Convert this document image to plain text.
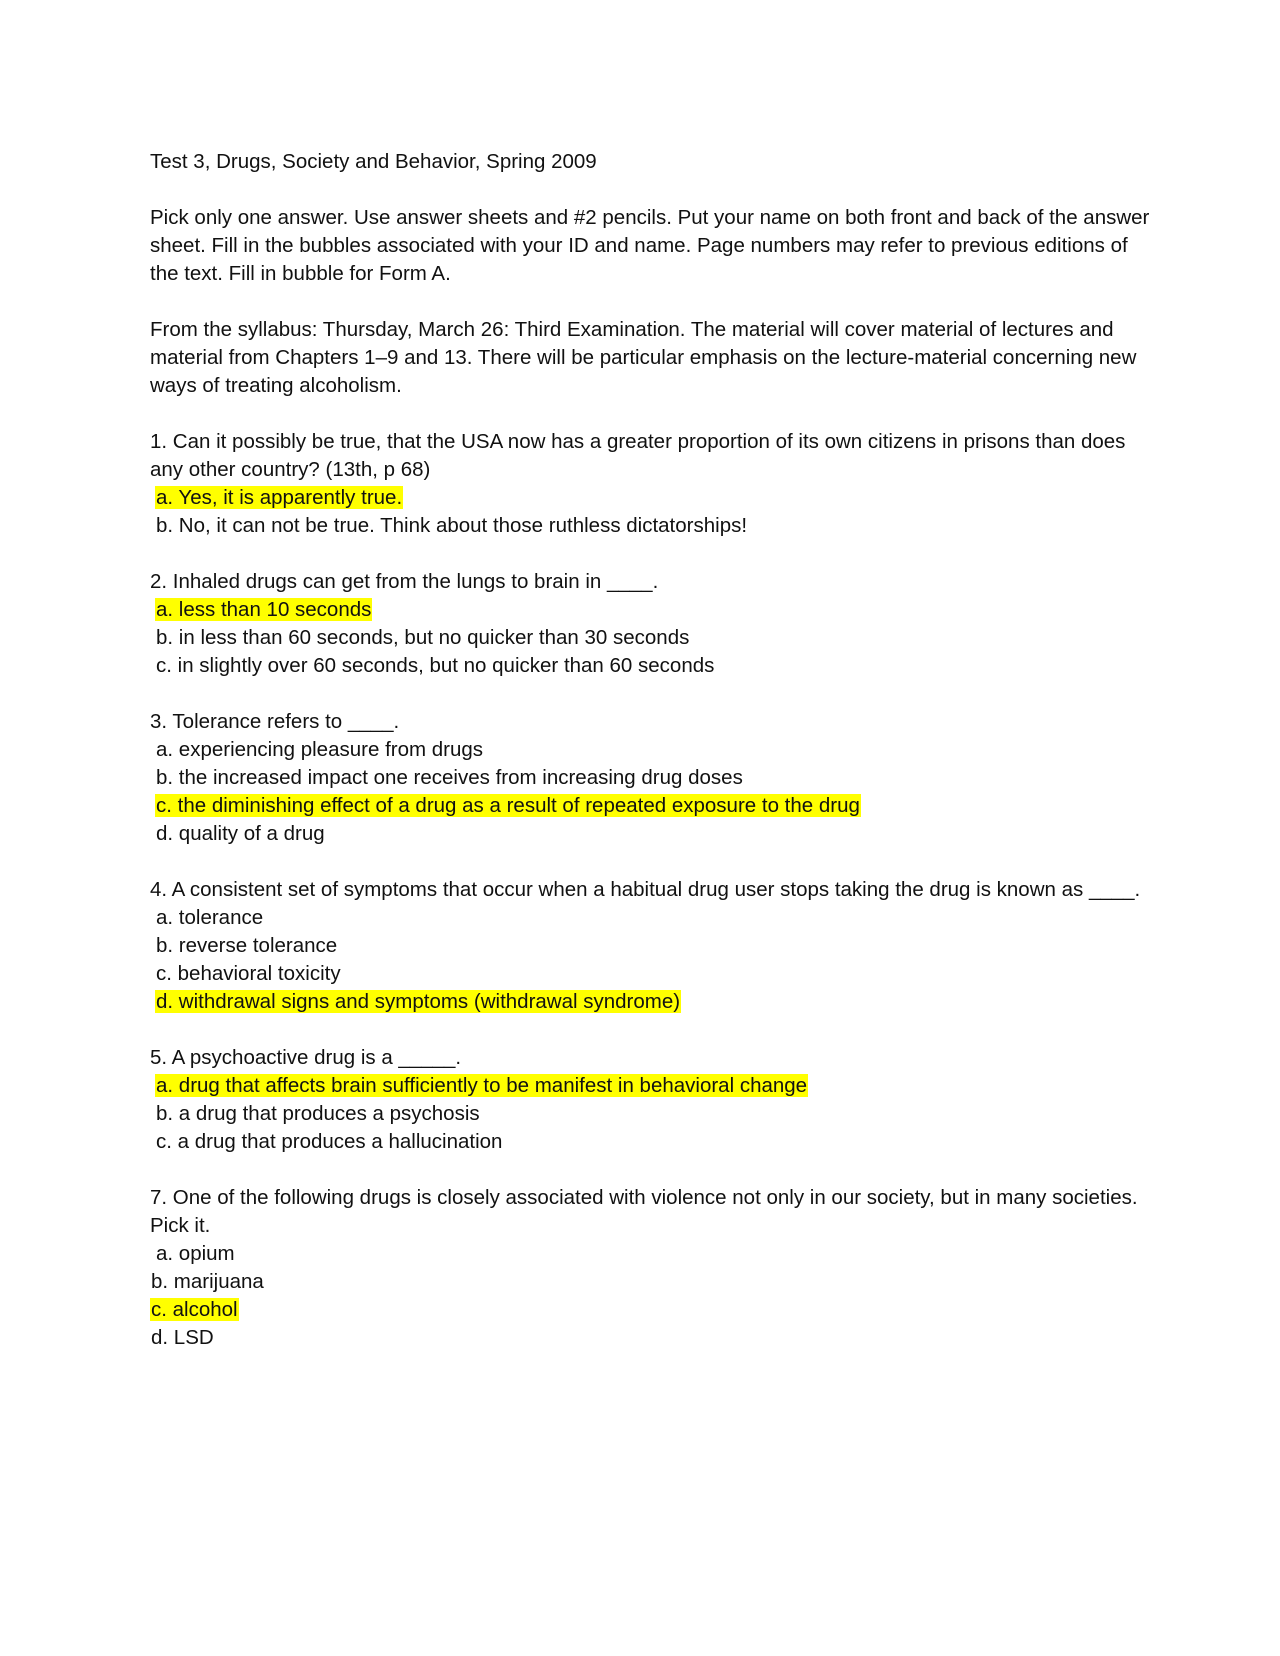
Test 3, Drugs, Society and Behavior, Spring 2009

Pick only one answer. Use answer sheets and #2 pencils. Put your name on both front and back of the answer sheet. Fill in the bubbles associated with your ID and name. Page numbers may refer to previous editions of the text. Fill in bubble for Form A.

From the syllabus: Thursday, March 26: Third Examination. The material will cover material of lectures and material from Chapters 1–9 and 13. There will be particular emphasis on the lecture-material concerning new ways of treating alcoholism.

1. Can it possibly be true, that the USA now has a greater proportion of its own citizens in prisons than does any other country? (13th, p 68)

a. Yes, it is apparently true.
b. No, it can not be true. Think about those ruthless dictatorships!

2. Inhaled drugs can get from the lungs to brain in ____.

a. less than 10 seconds
b. in less than 60 seconds, but no quicker than 30 seconds
c. in slightly over 60 seconds, but no quicker than 60 seconds

3. Tolerance refers to ____.

a. experiencing pleasure from drugs
b. the increased impact one receives from increasing drug doses
c. the diminishing effect of a drug as a result of repeated exposure to the drug
d. quality of a drug

4. A consistent set of symptoms that occur when a habitual drug user stops taking the drug is known as ____.

a. tolerance
b. reverse tolerance
c. behavioral toxicity
d. withdrawal signs and symptoms (withdrawal syndrome)

5. A psychoactive drug is a _____.

a. drug that affects brain sufficiently to be manifest in behavioral change
b. a drug that produces a psychosis
c. a drug that produces a hallucination

7. One of the following drugs is closely associated with violence not only in our society, but in many societies. Pick it.

a. opium
b. marijuana
c. alcohol
d. LSD
